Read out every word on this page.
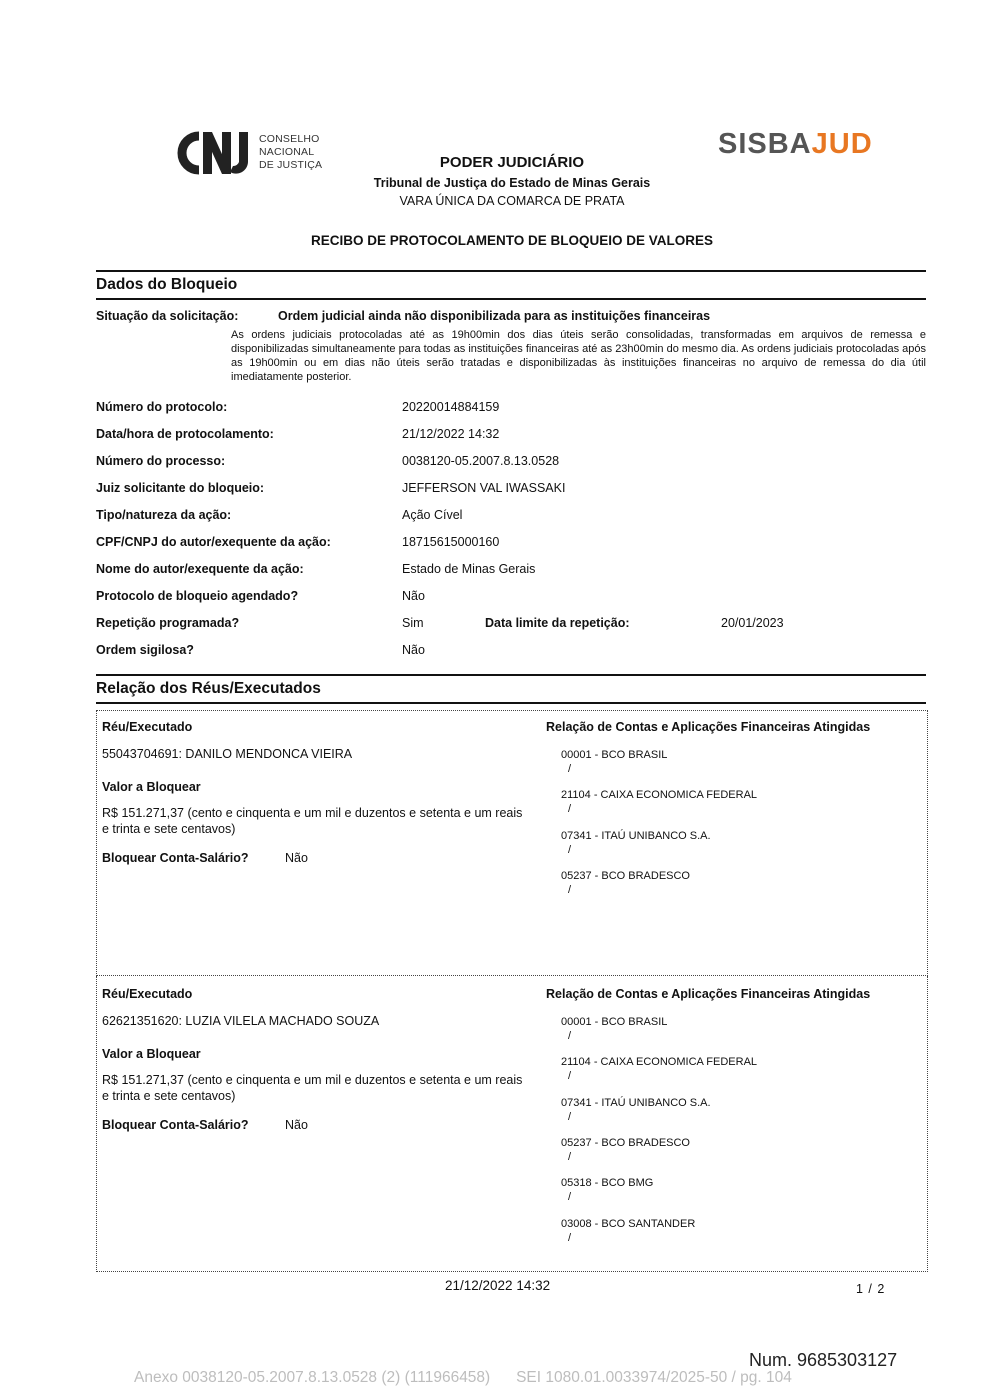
CONSELHO
NACIONAL
DE JUSTIÇA
SISBAJUD
PODER JUDICIÁRIO
Tribunal de Justiça do Estado de Minas Gerais
VARA ÚNICA DA COMARCA DE PRATA
RECIBO DE PROTOCOLAMENTO DE BLOQUEIO DE VALORES
Dados do Bloqueio
Situação da solicitação:	Ordem judicial ainda não disponibilizada para as instituições financeiras
As ordens judiciais protocoladas até as 19h00min dos dias úteis serão consolidadas, transformadas em arquivos de remessa e disponibilizadas simultaneamente para todas as instituições financeiras até as 23h00min do mesmo dia. As ordens judiciais protocoladas após as 19h00min ou em dias não úteis serão tratadas e disponibilizadas às instituições financeiras no arquivo de remessa do dia útil imediatamente posterior.
Número do protocolo:	20220014884159
Data/hora de protocolamento:	21/12/2022 14:32
Número do processo:	0038120-05.2007.8.13.0528
Juiz solicitante do bloqueio:	JEFFERSON VAL IWASSAKI
Tipo/natureza da ação:	Ação Cível
CPF/CNPJ do autor/exequente da ação:	18715615000160
Nome do autor/exequente da ação:	Estado de Minas Gerais
Protocolo de bloqueio agendado?	Não
Repetição programada?	Sim	Data limite da repetição:	20/01/2023
Ordem sigilosa?	Não
Relação dos Réus/Executados
Réu/Executado
55043704691: DANILO MENDONCA VIEIRA
Valor a Bloquear
R$ 151.271,37 (cento e cinquenta e um mil e duzentos e setenta e um reais e trinta e sete centavos)
Bloquear Conta-Salário?	Não
Relação de Contas e Aplicações Financeiras Atingidas
00001 - BCO BRASIL
/
21104 - CAIXA ECONOMICA FEDERAL
/
07341 - ITAÚ UNIBANCO S.A.
/
05237 - BCO BRADESCO
/
Réu/Executado
62621351620: LUZIA VILELA MACHADO SOUZA
Valor a Bloquear
R$ 151.271,37 (cento e cinquenta e um mil e duzentos e setenta e um reais e trinta e sete centavos)
Bloquear Conta-Salário?	Não
Relação de Contas e Aplicações Financeiras Atingidas
00001 - BCO BRASIL
/
21104 - CAIXA ECONOMICA FEDERAL
/
07341 - ITAÚ UNIBANCO S.A.
/
05237 - BCO BRADESCO
/
05318 - BCO BMG
/
03008 - BCO SANTANDER
/
21/12/2022 14:32	1 / 2
Num. 9685303127
Anexo 0038120-05.2007.8.13.0528 (2) (111966458) SEI 1080.01.0033974/2025-50 / pg. 104
